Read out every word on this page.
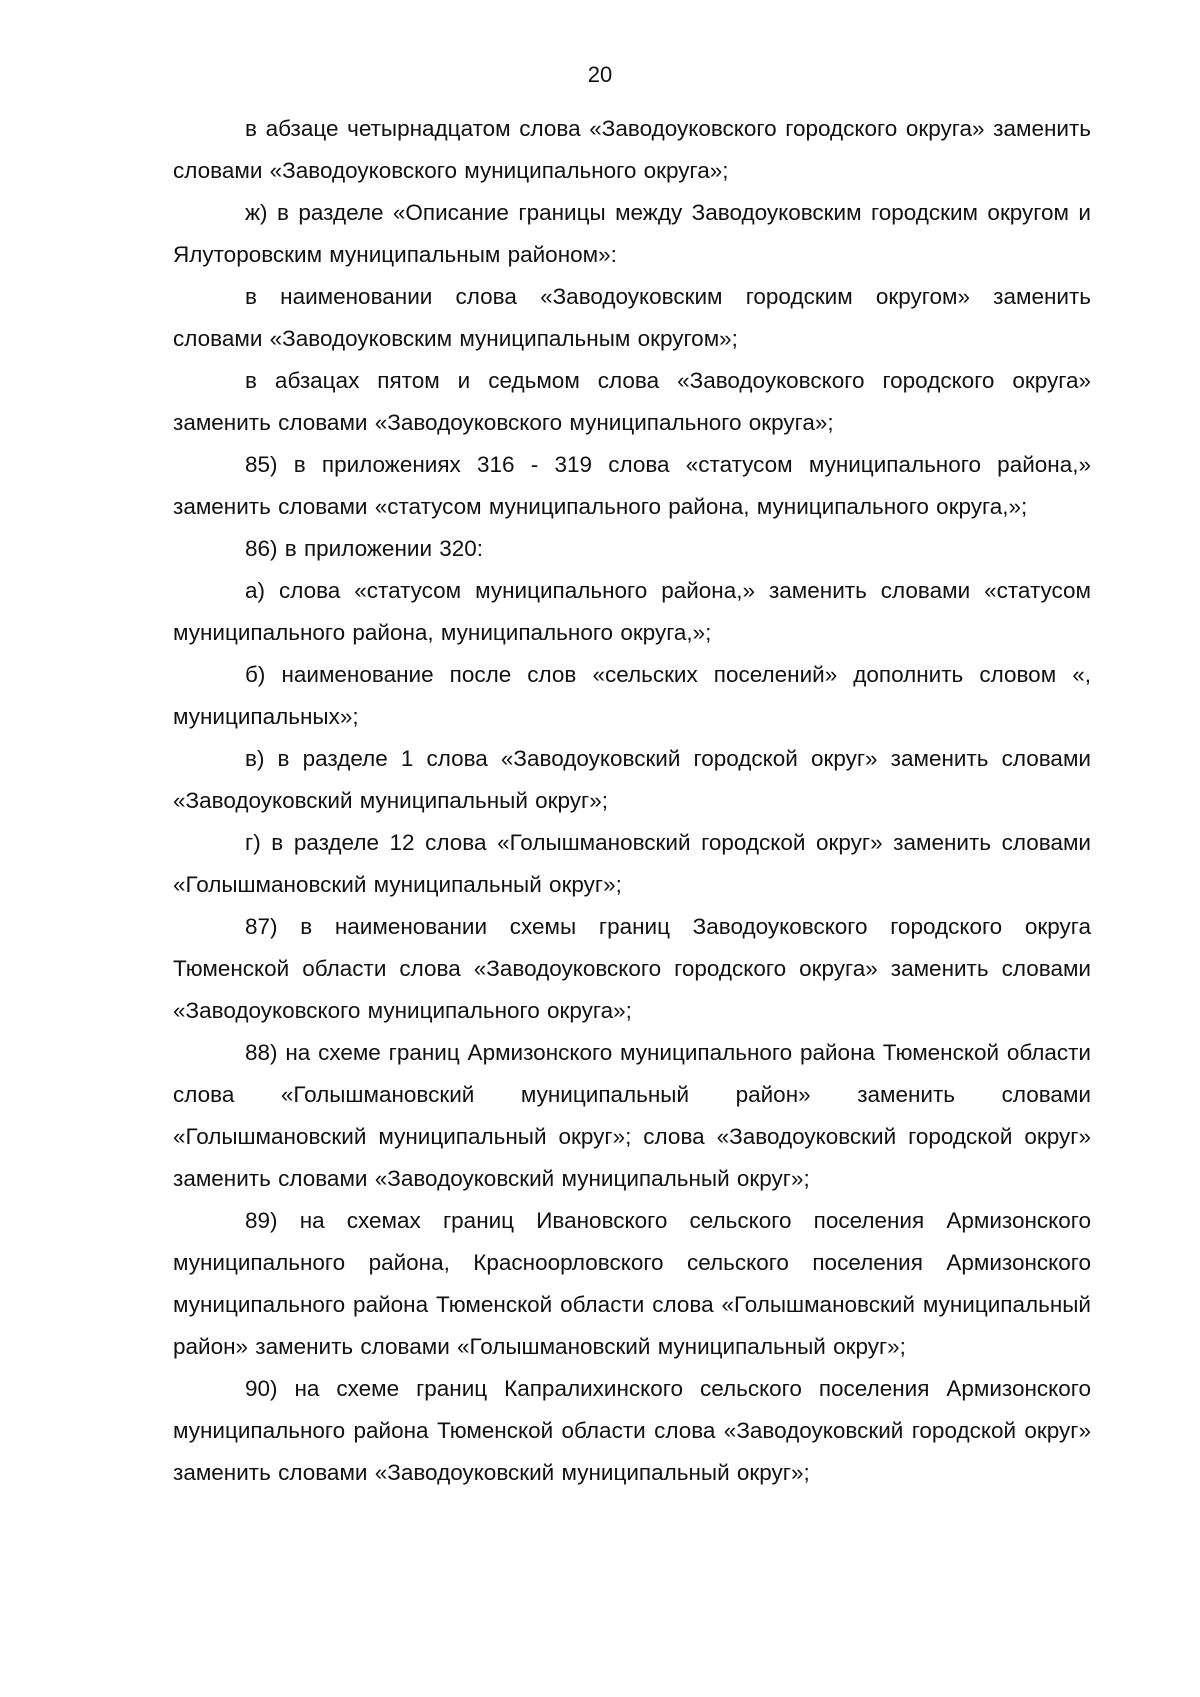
20

в абзаце четырнадцатом слова «Заводоуковского городского округа» заменить словами «Заводоуковского муниципального округа»;

ж) в разделе «Описание границы между Заводоуковским городским округом и Ялуторовским муниципальным районом»:

в наименовании слова «Заводоуковским городским округом» заменить словами «Заводоуковским муниципальным округом»;

в абзацах пятом и седьмом слова «Заводоуковского городского округа» заменить словами «Заводоуковского муниципального округа»;

85) в приложениях 316 - 319 слова «статусом муниципального района,» заменить словами «статусом муниципального района, муниципального округа,»;

86) в приложении 320:

а) слова «статусом муниципального района,» заменить словами «статусом муниципального района, муниципального округа,»;

б) наименование после слов «сельских поселений» дополнить словом «, муниципальных»;

в) в разделе 1 слова «Заводоуковский городской округ» заменить словами «Заводоуковский муниципальный округ»;

г) в разделе 12 слова «Голышмановский городской округ» заменить словами «Голышмановский муниципальный округ»;

87) в наименовании схемы границ Заводоуковского городского округа Тюменской области слова «Заводоуковского городского округа» заменить словами «Заводоуковского муниципального округа»;

88) на схеме границ Армизонского муниципального района Тюменской области слова «Голышмановский муниципальный район» заменить словами «Голышмановский муниципальный округ»; слова «Заводоуковский городской округ» заменить словами «Заводоуковский муниципальный округ»;

89) на схемах границ Ивановского сельского поселения Армизонского муниципального района, Красноорловского сельского поселения Армизонского муниципального района Тюменской области слова «Голышмановский муниципальный район» заменить словами «Голышмановский муниципальный округ»;

90) на схеме границ Капралихинского сельского поселения Армизонского муниципального района Тюменской области слова «Заводоуковский городской округ» заменить словами «Заводоуковский муниципальный округ»;
